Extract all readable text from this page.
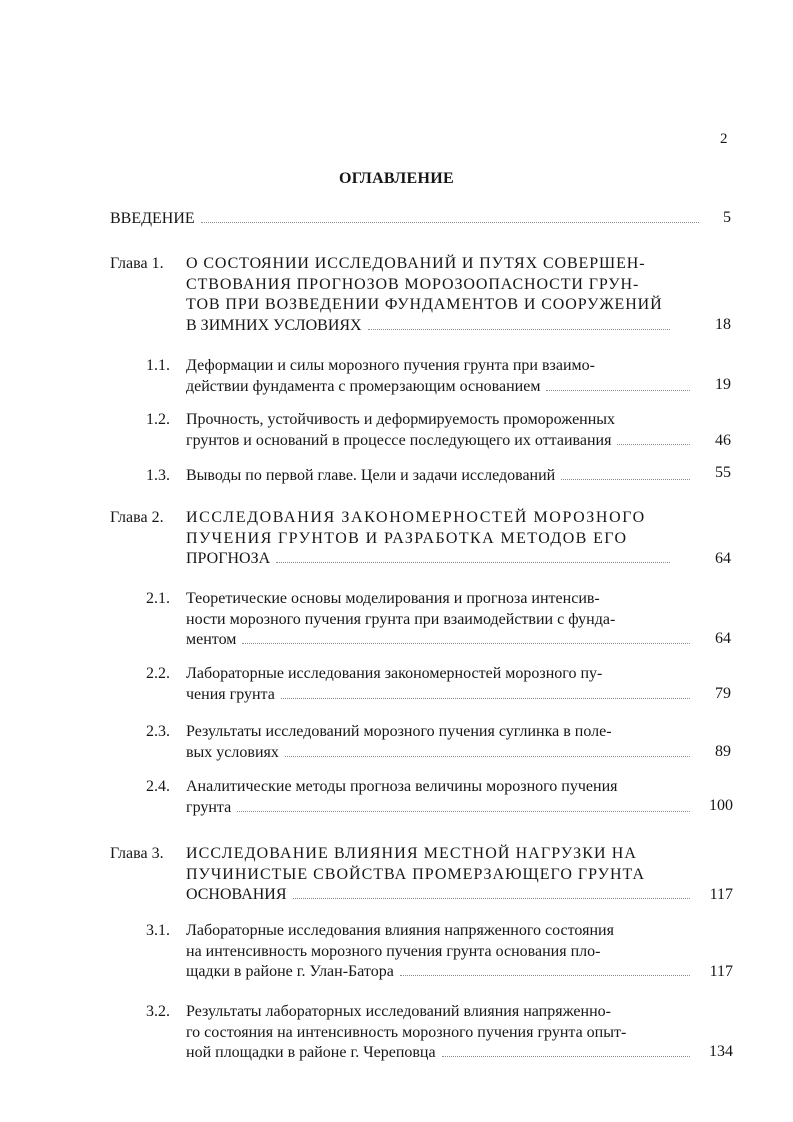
2
ОГЛАВЛЕНИЕ
ВВЕДЕНИЕ	5
Глава 1. О СОСТОЯНИИ ИССЛЕДОВАНИЙ И ПУТЯХ СОВЕРШЕН-
СТВОВАНИЯ ПРОГНОЗОВ МОРОЗООПАСНОСТИ ГРУН-
ТОВ ПРИ ВОЗВЕДЕНИИ ФУНДАМЕНТОВ И СООРУЖЕНИЙ
В ЗИМНИХ УСЛОВИЯХ	18
1.1. Деформации и силы морозного пучения грунта при взаимо-
действии фундамента с промерзающим основанием	19
1.2. Прочность, устойчивость и деформируемость промороженных
грунтов и оснований в процессе последующего их оттаивания	46
1.3. Выводы по первой главе. Цели и задачи исследований	55
Глава 2. ИССЛЕДОВАНИЯ ЗАКОНОМЕРНОСТЕЙ МОРОЗНОГО
ПУЧЕНИЯ ГРУНТОВ И РАЗРАБОТКА МЕТОДОВ ЕГО
ПРОГНОЗА	64
2.1. Теоретические основы моделирования и прогноза интенсив-
ности морозного пучения грунта при взаимодействии с фунда-
ментом	64
2.2. Лабораторные исследования закономерностей морозного пу-
чения грунта	79
2.3. Результаты исследований морозного пучения суглинка в поле-
вых условиях	89
2.4. Аналитические методы прогноза величины морозного пучения
грунта	100
Глава 3. ИССЛЕДОВАНИЕ ВЛИЯНИЯ МЕСТНОЙ НАГРУЗКИ НА
ПУЧИНИСТЫЕ СВОЙСТВА ПРОМЕРЗАЮЩЕГО ГРУНТА
ОСНОВАНИЯ	117
3.1. Лабораторные исследования влияния напряженного состояния
на интенсивность морозного пучения грунта основания пло-
щадки в районе г. Улан-Батора	117
3.2. Результаты лабораторных исследований влияния напряженно-
го состояния на интенсивность морозного пучения грунта опыт-
ной площадки в районе г. Череповца	134
